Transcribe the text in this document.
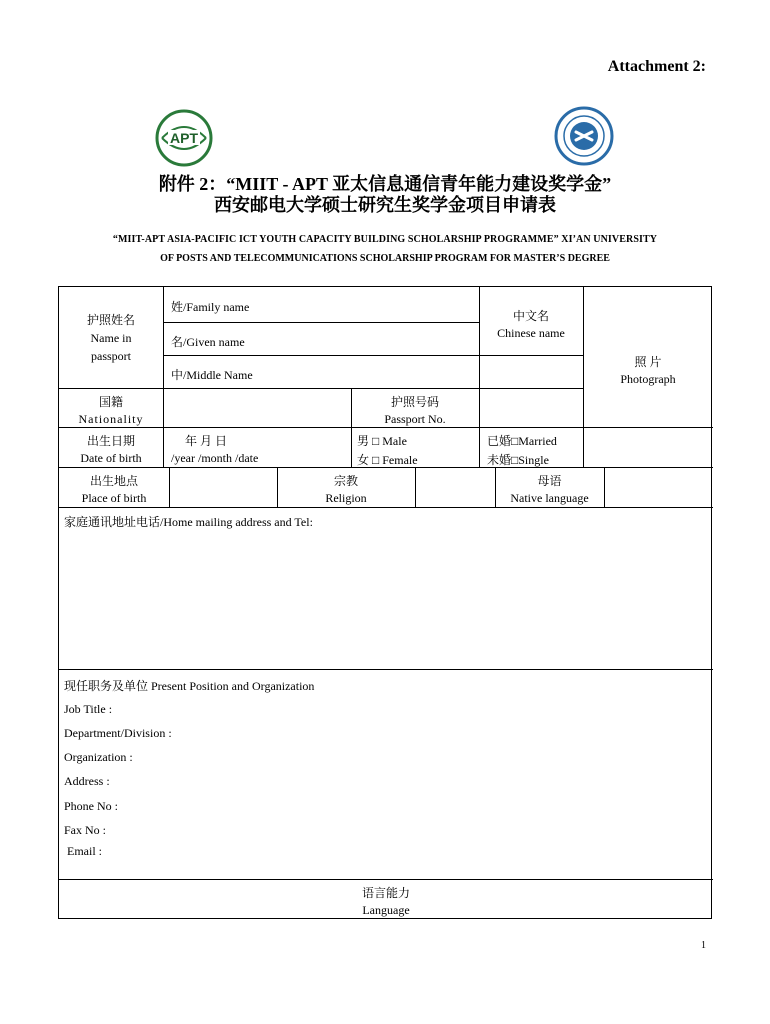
Attachment 2:
APT
附件 2：“MIIT - APT 亚太信息通信青年能力建设奖学金”
西安邮电大学硕士研究生奖学金项目申请表
“MIIT-APT ASIA-PACIFIC ICT YOUTH CAPACITY BUILDING SCHOLARSHIP PROGRAMME” XI’AN UNIVERSITY
OF POSTS AND TELECOMMUNICATIONS SCHOLARSHIP PROGRAM FOR MASTER’S DEGREE
护照姓名
Name in
passport
姓/Family name
名/Given name
中/Middle Name
中文名
Chinese name
照 片
Photograph
国籍
Nationality
护照号码
Passport No.
出生日期
Date of birth
年 月 日
/year /month /date
男 □ Male
女 □ Female
已婚□Married
未婚□Single
出生地点
Place of birth
宗教
Religion
母语
Native language
家庭通讯地址电话/Home mailing address and Tel:
现任职务及单位 Present Position and Organization
Job Title :
Department/Division :
Organization :
Address :
Phone No :
Fax No :
Email :
语言能力
Language
1
